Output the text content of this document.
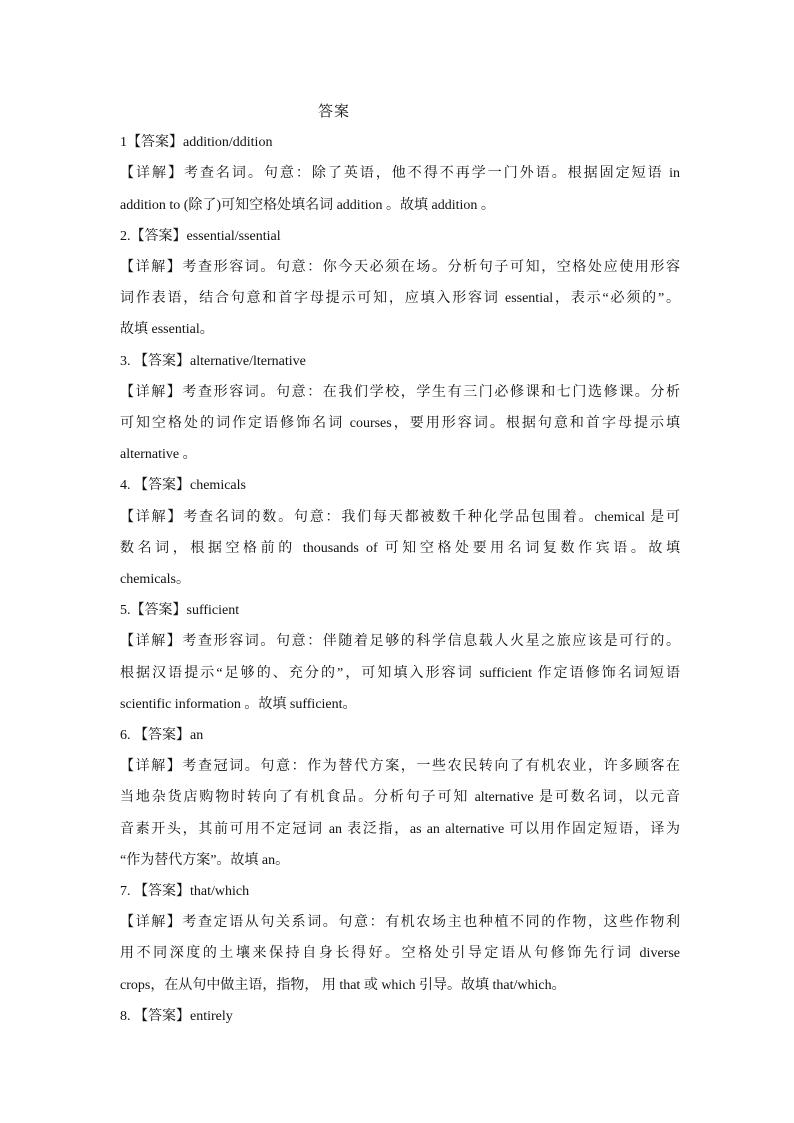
答案
1【答案】addition/ddition
【详解】考查名词。句意：除了英语，他不得不再学一门外语。根据固定短语 in
addition to (除了)可知空格处填名词 addition 。故填 addition 。
2.【答案】essential/ssential
【详解】考查形容词。句意：你今天必须在场。分析句子可知，空格处应使用形容
词作表语，结合句意和首字母提示可知，应填入形容词 essential，表示“必须的”。
故填 essential。
3. 【答案】alternative/lternative
【详解】考查形容词。句意：在我们学校，学生有三门必修课和七门选修课。分析
可知空格处的词作定语修饰名词 courses，要用形容词。根据句意和首字母提示填
alternative 。
4. 【答案】chemicals
【详解】考查名词的数。句意：我们每天都被数千种化学品包围着。chemical 是可
数名词，根据空格前的 thousands of 可知空格处要用名词复数作宾语。故填
chemicals。
5.【答案】sufficient
【详解】考查形容词。句意：伴随着足够的科学信息载人火星之旅应该是可行的。
根据汉语提示“足够的、充分的”，可知填入形容词 sufficient 作定语修饰名词短语
scientific information 。故填 sufficient。
6. 【答案】an
【详解】考查冠词。句意：作为替代方案，一些农民转向了有机农业，许多顾客在
当地杂货店购物时转向了有机食品。分析句子可知 alternative 是可数名词，以元音
音素开头，其前可用不定冠词 an 表泛指，as an alternative 可以用作固定短语，译为
“作为替代方案”。故填 an。
7. 【答案】that/which
【详解】考查定语从句关系词。句意：有机农场主也种植不同的作物，这些作物利
用不同深度的土壤来保持自身长得好。空格处引导定语从句修饰先行词 diverse
crops，在从句中做主语，指物， 用 that 或 which 引导。故填 that/which。
8. 【答案】entirely
